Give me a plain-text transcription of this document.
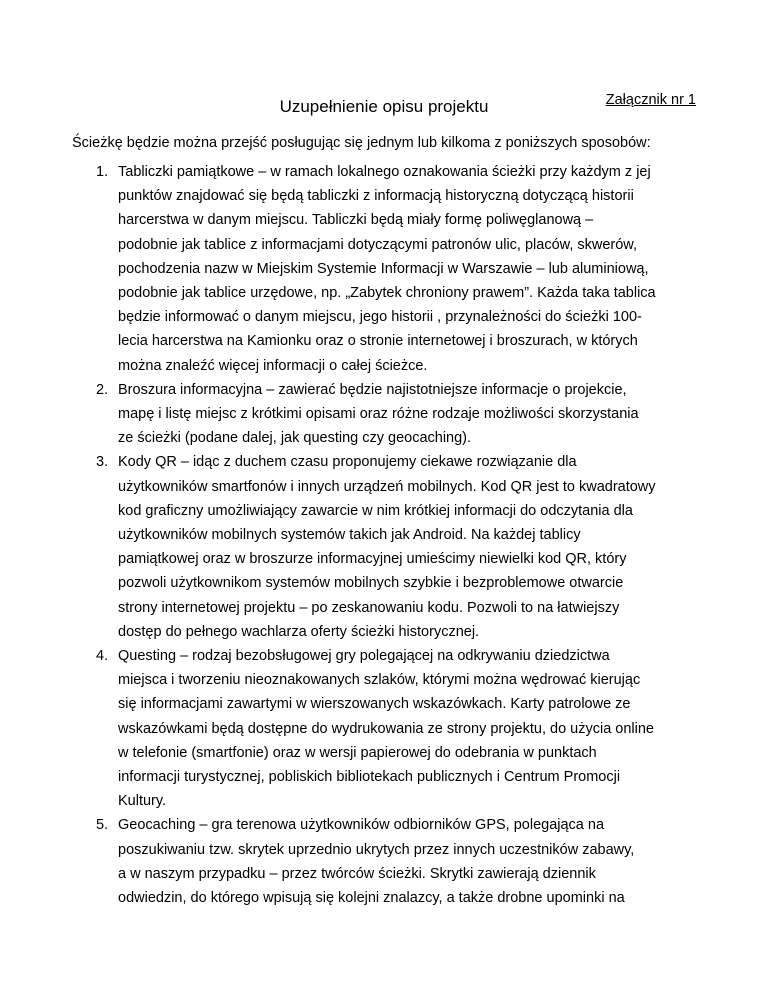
Załącznik nr 1
Uzupełnienie opisu projektu
Ścieżkę będzie można przejść posługując się jednym lub kilkoma z poniższych sposobów:
1. Tabliczki pamiątkowe – w ramach lokalnego oznakowania ścieżki przy każdym z jej
punktów znajdować się będą tabliczki z informacją historyczną dotyczącą historii
harcerstwa w danym miejscu. Tabliczki będą miały formę poliwęglanową –
podobnie jak tablice z informacjami dotyczącymi patronów ulic, placów, skwerów,
pochodzenia nazw w Miejskim Systemie Informacji w Warszawie – lub aluminiową,
podobnie jak tablice urzędowe, np. „Zabytek chroniony prawem”. Każda taka tablica
będzie informować o danym miejscu, jego historii , przynależności do ścieżki 100-
lecia harcerstwa na Kamionku oraz o stronie internetowej i broszurach, w których
można znaleźć więcej informacji o całej ścieżce.
2. Broszura informacyjna – zawierać będzie najistotniejsze informacje o projekcie,
mapę i listę miejsc z krótkimi opisami oraz różne rodzaje możliwości skorzystania
ze ścieżki (podane dalej, jak questing czy geocaching).
3. Kody QR – idąc z duchem czasu proponujemy ciekawe rozwiązanie dla
użytkowników smartfonów i innych urządzeń mobilnych. Kod QR jest to kwadratowy
kod graficzny umożliwiający zawarcie w nim krótkiej informacji do odczytania dla
użytkowników mobilnych systemów takich jak Android. Na każdej tablicy
pamiątkowej oraz w broszurze informacyjnej umieścimy niewielki kod QR, który
pozwoli użytkownikom systemów mobilnych szybkie i bezproblemowe otwarcie
strony internetowej projektu – po zeskanowaniu kodu. Pozwoli to na łatwiejszy
dostęp do pełnego wachlarza oferty ścieżki historycznej.
4. Questing – rodzaj bezobsługowej gry polegającej na odkrywaniu dziedzictwa
miejsca i tworzeniu nieoznakowanych szlaków, którymi można wędrować kierując
się informacjami zawartymi w wierszowanych wskazówkach. Karty patrolowe ze
wskazówkami będą dostępne do wydrukowania ze strony projektu, do użycia online
w telefonie (smartfonie) oraz w wersji papierowej do odebrania w punktach
informacji turystycznej, pobliskich bibliotekach publicznych i Centrum Promocji
Kultury.
5. Geocaching – gra terenowa użytkowników odbiorników GPS, polegająca na
poszukiwaniu tzw. skrytek uprzednio ukrytych przez innych uczestników zabawy,
a w naszym przypadku – przez twórców ścieżki. Skrytki zawierają dziennik
odwiedzin, do którego wpisują się kolejni znalazcy, a także drobne upominki na
